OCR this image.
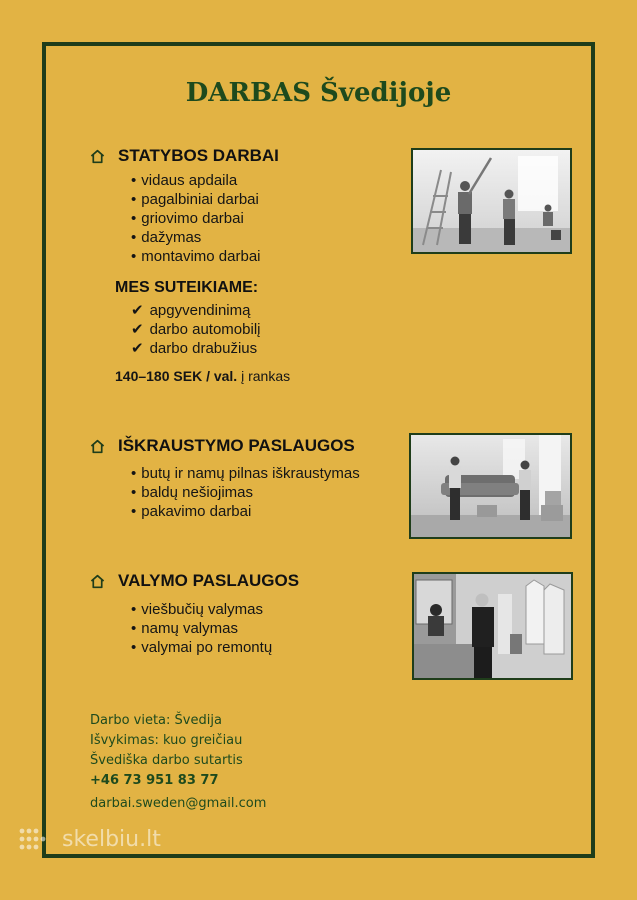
DARBAS Švedijoje
STATYBOS DARBAI
• vidaus apdaila
• pagalbiniai darbai
• griovimo darbai
• dažymas
• montavimo darbai
MES SUTEIKIAME:
✔ apgyvendinimą
✔ darbo automobilį
✔ darbo drabužius
140–180 SEK / val. į rankas
IŠKRAUSTYMO PASLAUGOS
• butų ir namų pilnas iškraustymas
• baldų nešiojimas
• pakavimo darbai
VALYMO PASLAUGOS
• viešbučių valymas
• namų valymas
• valymai po remontų
Darbo vieta: Švedija
Išvykimas: kuo greičiau
Švediška darbo sutartis
+46 73 951 83 77
darbai.sweden@gmail.com
skelbiu.lt
